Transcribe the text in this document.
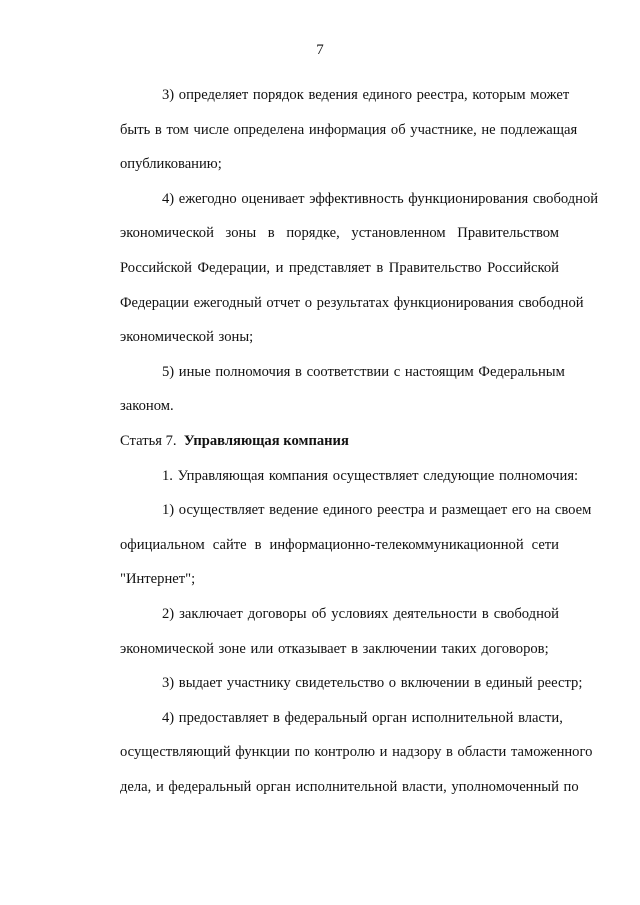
7
3) определяет порядок ведения единого реестра, которым может
быть в том числе определена информация об участнике, не подлежащая
опубликованию;
4) ежегодно оценивает эффективность функционирования свободной
экономической зоны в порядке, установленном Правительством
Российской Федерации, и представляет в Правительство Российской
Федерации ежегодный отчет о результатах функционирования свободной
экономической зоны;
5) иные полномочия в соответствии с настоящим Федеральным
законом.
Статья 7. Управляющая компания
1. Управляющая компания осуществляет следующие полномочия:
1) осуществляет ведение единого реестра и размещает его на своем
официальном сайте в информационно-телекоммуникационной сети
"Интернет";
2) заключает договоры об условиях деятельности в свободной
экономической зоне или отказывает в заключении таких договоров;
3) выдает участнику свидетельство о включении в единый реестр;
4) предоставляет в федеральный орган исполнительной власти,
осуществляющий функции по контролю и надзору в области таможенного
дела, и федеральный орган исполнительной власти, уполномоченный по
